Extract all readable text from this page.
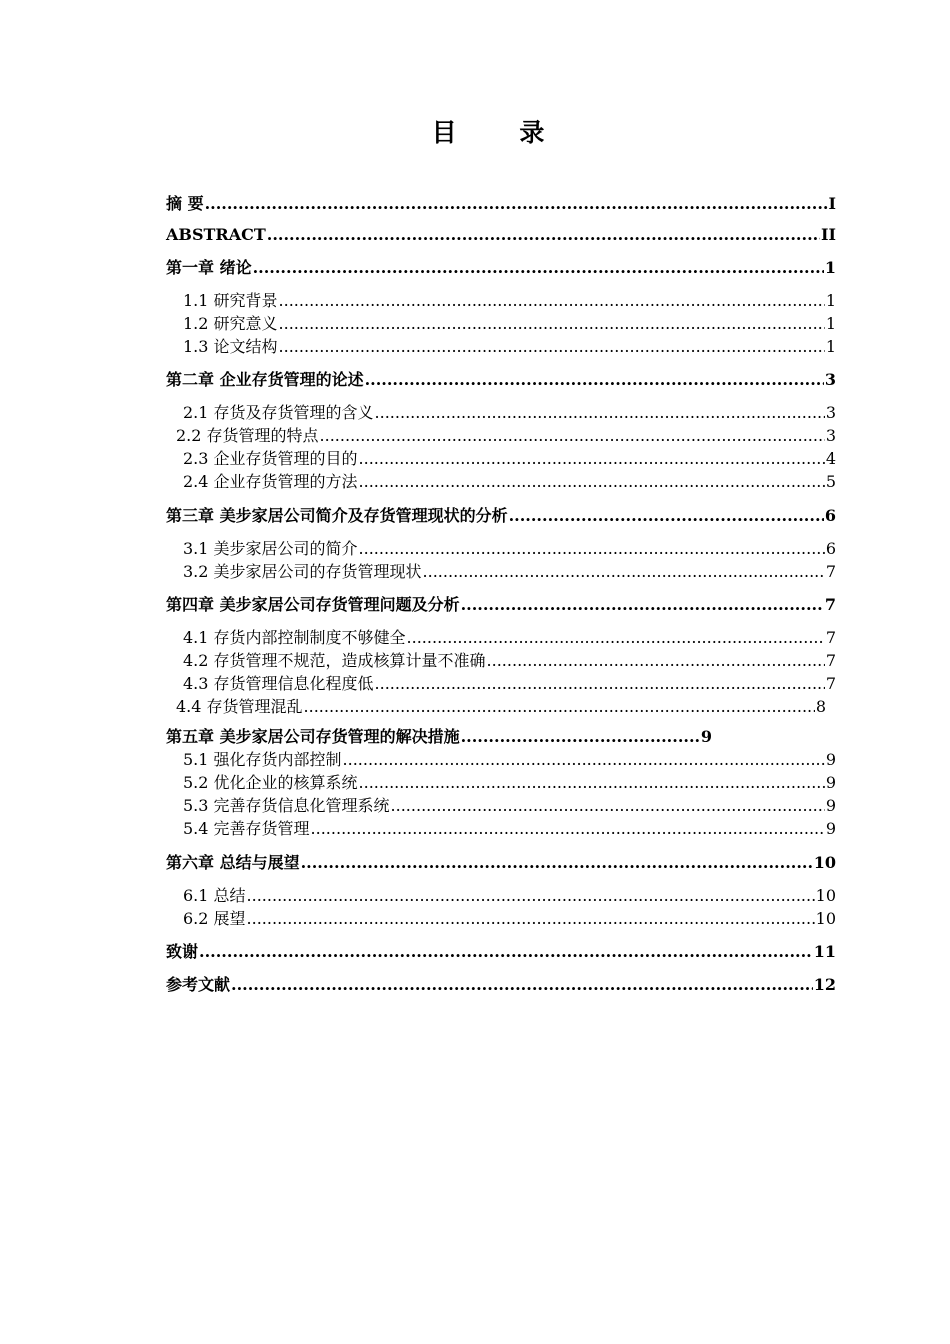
目 录
摘 要 .....	I
ABSTRACT .....	II
第一章 绪论 .....	1
1.1 研究背景 .....	1
1.2 研究意义 .....	1
1.3 论文结构 .....	1
第二章 企业存货管理的论述 .....	3
2.1 存货及存货管理的含义 .....	3
2.2 存货管理的特点 .....	3
2.3 企业存货管理的目的 .....	4
2.4 企业存货管理的方法 .....	5
第三章 美步家居公司简介及存货管理现状的分析 .....	6
3.1 美步家居公司的简介 .....	6
3.2 美步家居公司的存货管理现状 .....	7
第四章 美步家居公司存货管理问题及分析 .....	7
4.1 存货内部控制制度不够健全 .....	7
4.2 存货管理不规范，造成核算计量不准确 .....	7
4.3 存货管理信息化程度低 .....	7
4.4 存货管理混乱 .....	8
第五章 美步家居公司存货管理的解决措施 .....	9
5.1 强化存货内部控制 .....	9
5.2 优化企业的核算系统 .....	9
5.3 完善存货信息化管理系统 .....	9
5.4 完善存货管理 .....	9
第六章 总结与展望 .....	10
6.1 总结 .....	10
6.2 展望 .....	10
致谢 .....	11
参考文献 .....	12
